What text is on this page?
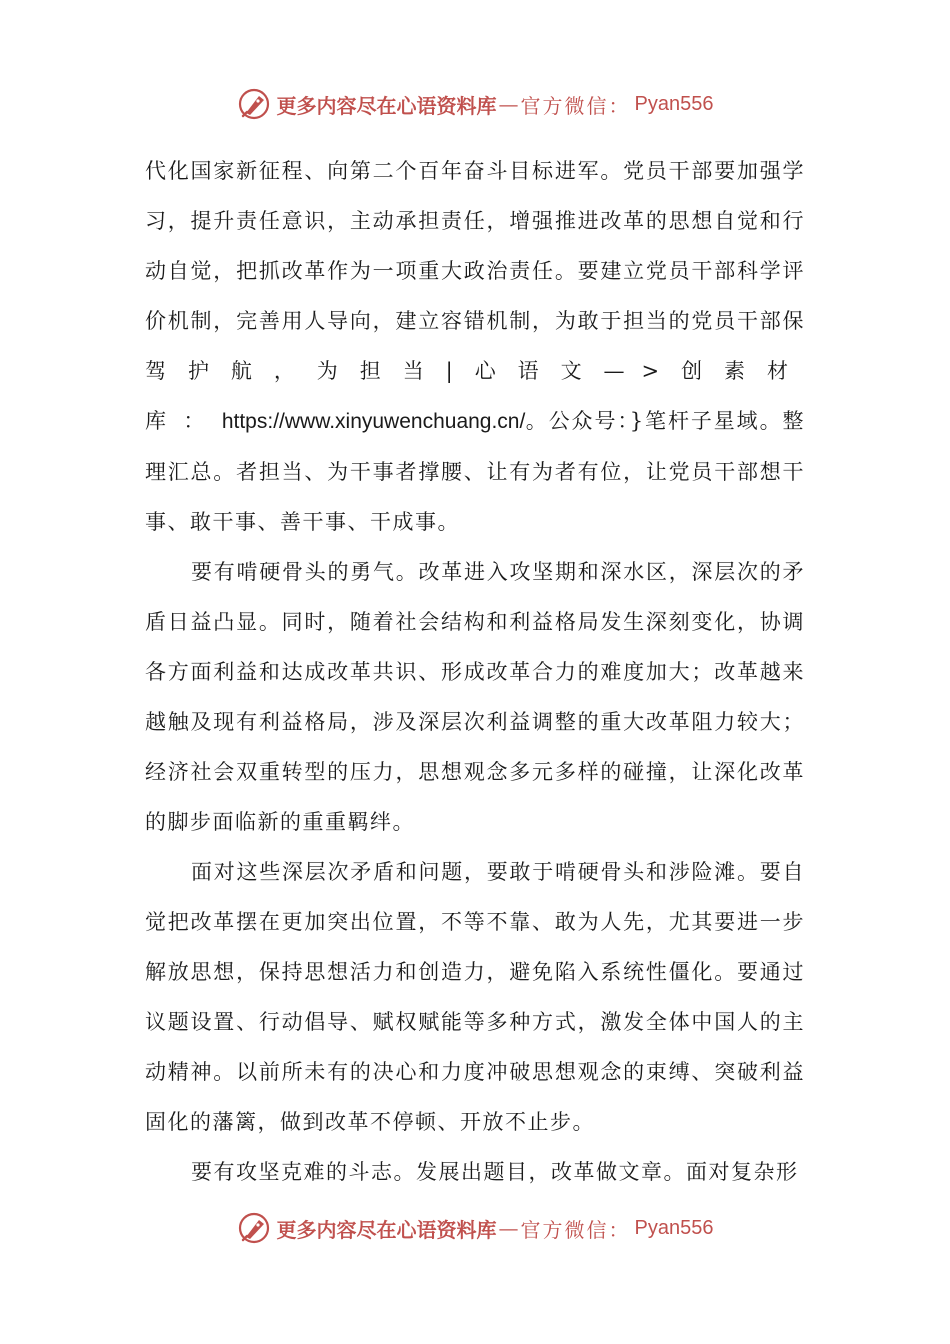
更多内容尽在心语资料库 — 官方微信： Pyan556

代化国家新征程、向第二个百年奋斗目标进军。党员干部要加强学习，提升责任意识，主动承担责任，增强推进改革的思想自觉和行动自觉，把抓改革作为一项重大政治责任。要建立党员干部科学评价机制，完善用人导向，建立容错机制，为敢于担当的党员干部保驾护航，为担当|心语文—>创素材库：https://www.xinyuwenchuang.cn/。公众号：}笔杆子星域。整理汇总。者担当、为干事者撑腰、让有为者有位，让党员干部想干事、敢干事、善干事、干成事。

要有啃硬骨头的勇气。改革进入攻坚期和深水区，深层次的矛盾日益凸显。同时，随着社会结构和利益格局发生深刻变化，协调各方面利益和达成改革共识、形成改革合力的难度加大；改革越来越触及现有利益格局，涉及深层次利益调整的重大改革阻力较大；经济社会双重转型的压力，思想观念多元多样的碰撞，让深化改革的脚步面临新的重重羁绊。

面对这些深层次矛盾和问题，要敢于啃硬骨头和涉险滩。要自觉把改革摆在更加突出位置，不等不靠、敢为人先，尤其要进一步解放思想，保持思想活力和创造力，避免陷入系统性僵化。要通过议题设置、行动倡导、赋权赋能等多种方式，激发全体中国人的主动精神。以前所未有的决心和力度冲破思想观念的束缚、突破利益固化的藩篱，做到改革不停顿、开放不止步。

要有攻坚克难的斗志。发展出题目，改革做文章。面对复杂形

更多内容尽在心语资料库 — 官方微信： Pyan556
